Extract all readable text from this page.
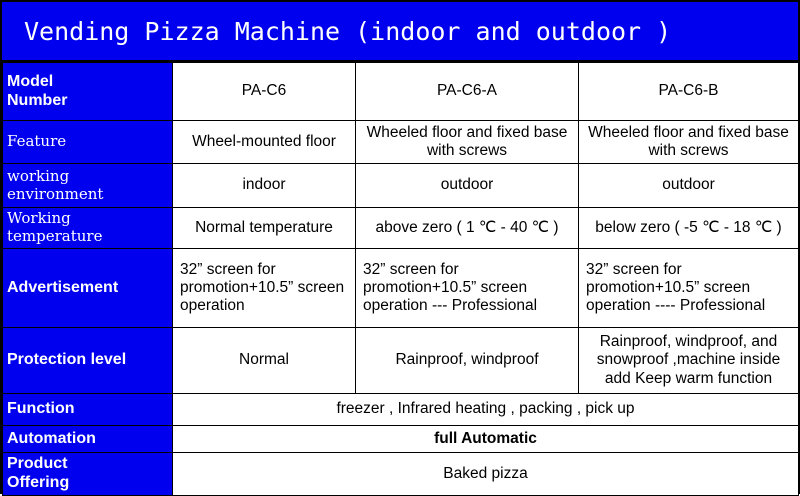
Vending Pizza Machine (indoor and outdoor )
Model
Number	PA-C6	PA-C6-A	PA-C6-B
Feature	Wheel-mounted floor	Wheeled floor and fixed base with screws	Wheeled floor and fixed base with screws

working
environment	indoor	outdoor	outdoor

Working
temperature	Normal temperature	above zero ( 1 ℃ - 40 ℃ )	below zero ( -5 ℃ - 18 ℃ )
Advertisement	32” screen for promotion+10.5” screen operation	32” screen for promotion+10.5” screen operation --- Professional	32” screen for promotion+10.5” screen operation ---- Professional
Protection level	Normal	Rainproof, windproof	Rainproof, windproof, and snowproof ,machine inside add Keep warm function
Function	freezer , Infrared heating , packing , pick up		
Automation	full Automatic		

Product
Offering	Baked pizza		
